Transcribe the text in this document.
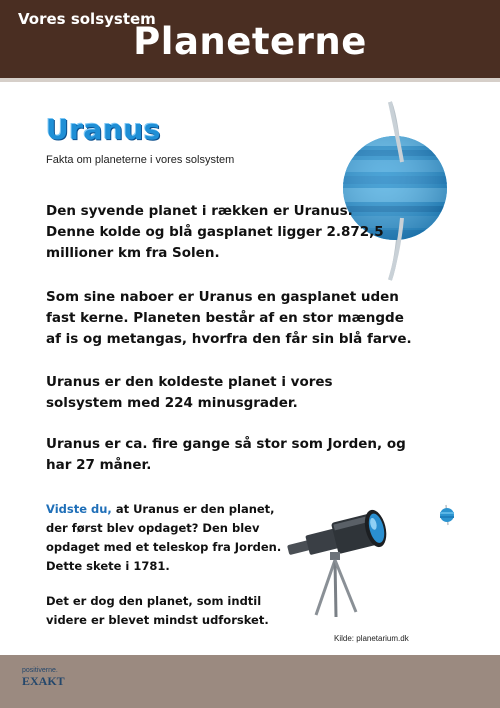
Vores solsystem
Planeterne
Uranus
Fakta om planeterne i vores solsystem
Den syvende planet i rækken er Uranus. Denne kolde og blå gasplanet ligger 2.872,5 millioner km fra Solen.
Som sine naboer er Uranus en gasplanet uden fast kerne. Planeten består af en stor mængde af is og metangas, hvorfra den får sin blå farve.
Uranus er den koldeste planet i vores solsystem med 224 minusgrader.
Uranus er ca. fire gange så stor som Jorden, og har 27 måner.
Vidste du, at Uranus er den planet, der først blev opdaget? Den blev opdaget med et teleskop fra Jorden. Dette skete i 1781.
Det er dog den planet, som indtil videre er blevet mindst udforsket.
Kilde: planetarium.dk
positiverne.
EXAKT
